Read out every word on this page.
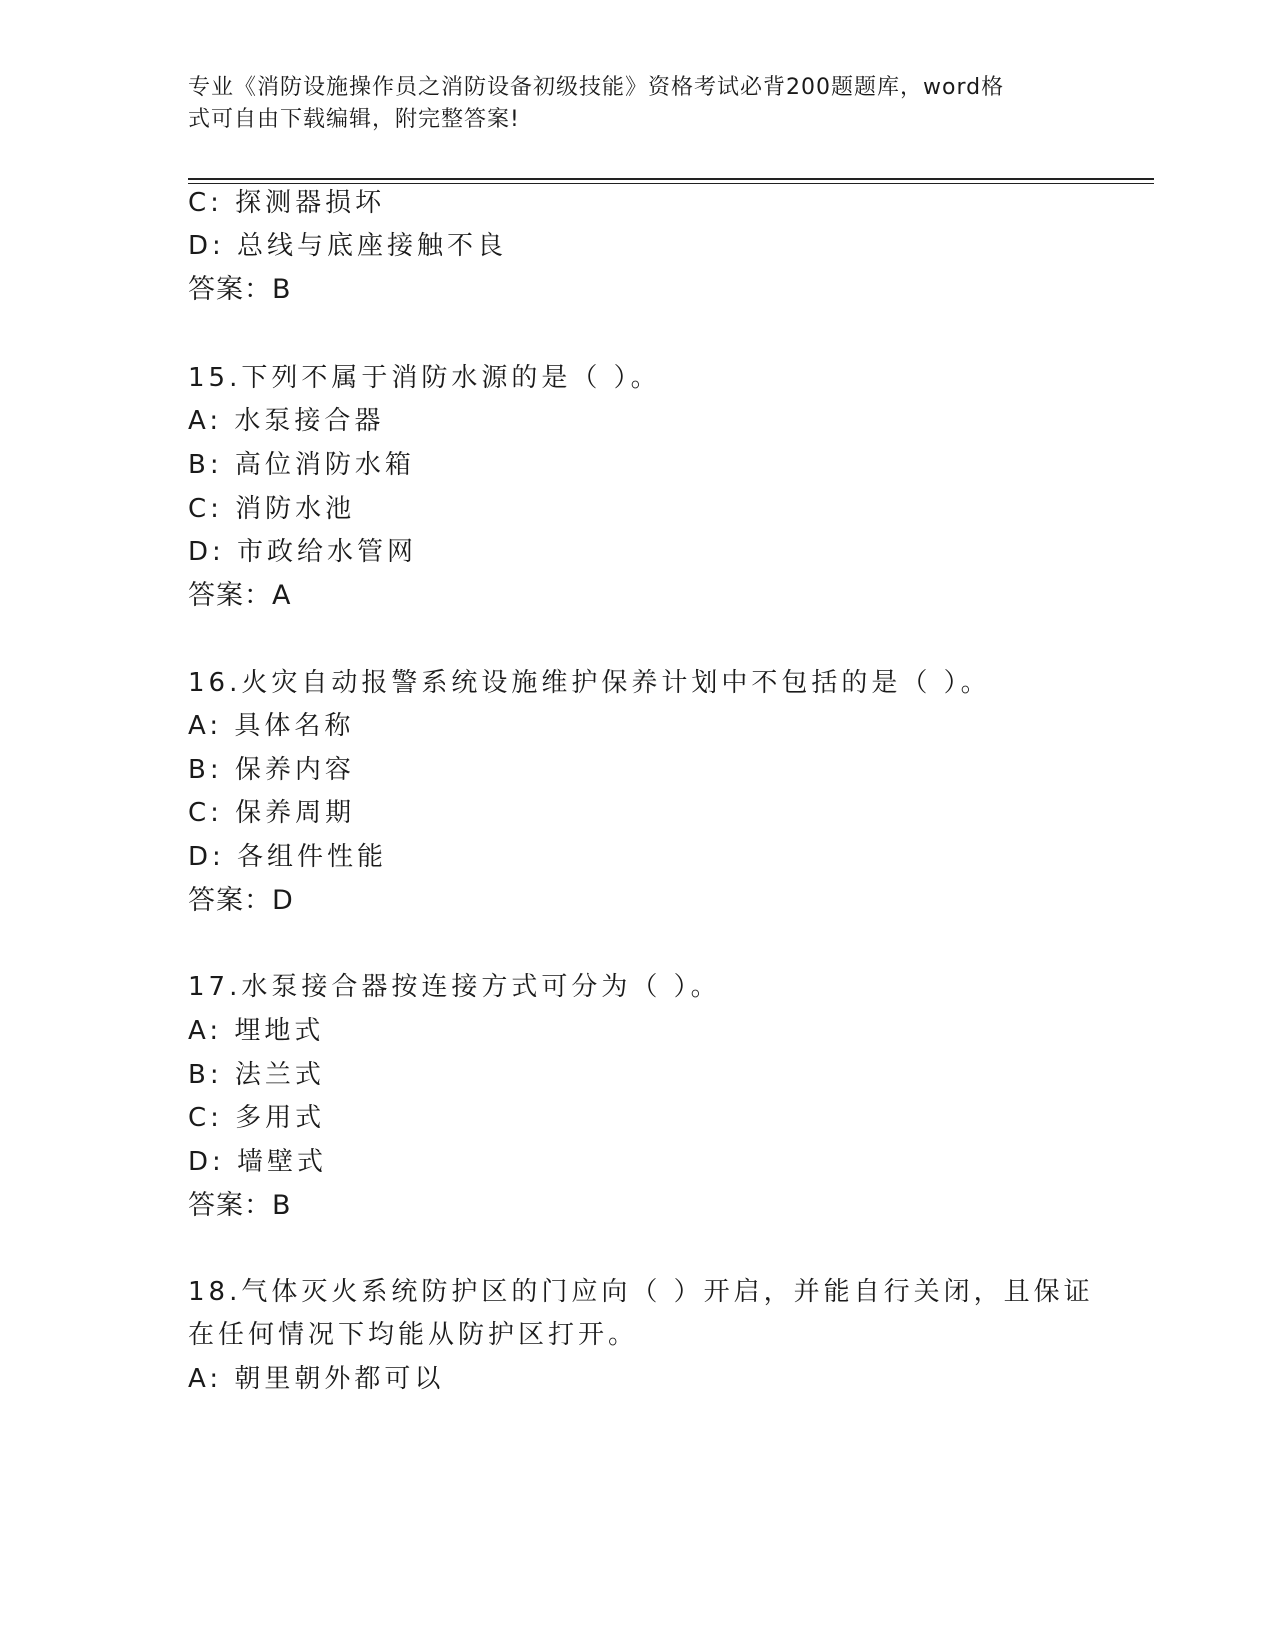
专业《消防设施操作员之消防设备初级技能》资格考试必背200题题库，word格
式可自由下载编辑，附完整答案!
C: 探测器损坏
D: 总线与底座接触不良
答案：B
15.下列不属于消防水源的是（ ）。
A: 水泵接合器
B: 高位消防水箱
C: 消防水池
D: 市政给水管网
答案：A
16.火灾自动报警系统设施维护保养计划中不包括的是（ ）。
A: 具体名称
B: 保养内容
C: 保养周期
D: 各组件性能
答案：D
17.水泵接合器按连接方式可分为（ ）。
A: 埋地式
B: 法兰式
C: 多用式
D: 墙壁式
答案：B
18.气体灭火系统防护区的门应向（ ）开启，并能自行关闭，且保证
在任何情况下均能从防护区打开。
A: 朝里朝外都可以
